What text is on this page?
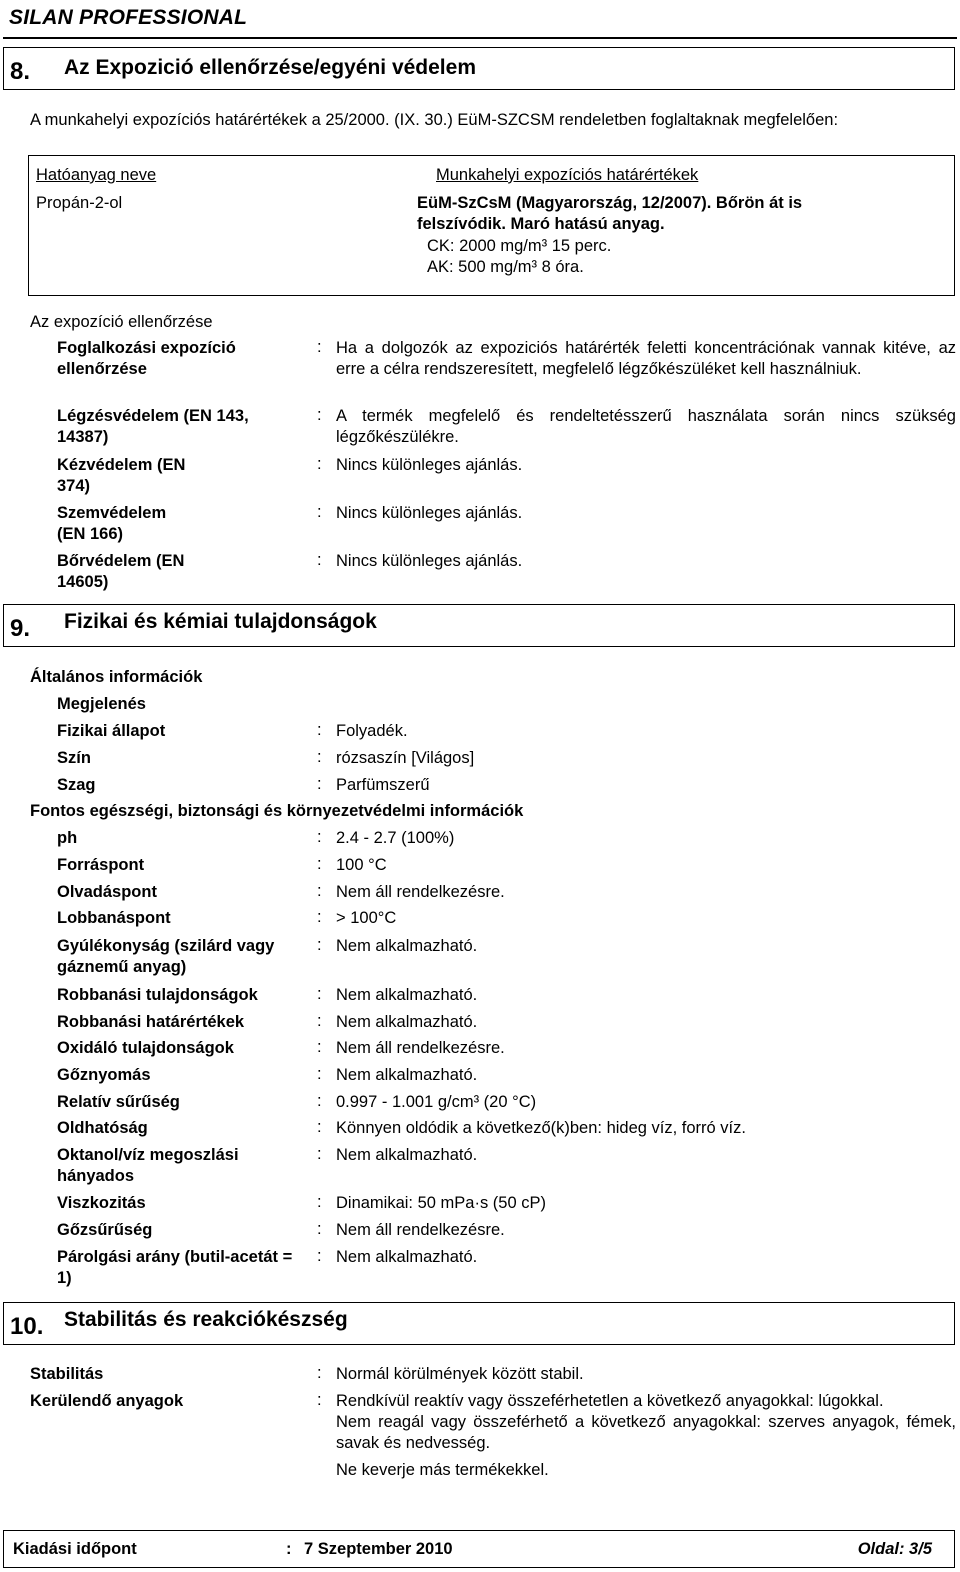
SILAN PROFESSIONAL
8. Az Expozició ellenőrzése/egyéni védelem
A munkahelyi expozíciós határértékek a 25/2000. (IX. 30.) EüM-SZCSM rendeletben foglaltaknak megfelelően:
Hatóanyag neve	Munkahelyi expozíciós határértékek
Propán-2-ol	EüM-SzCsM (Magyarország, 12/2007). Bőrön át is
felszívódik. Maró hatású anyag.
CK: 2000 mg/m³ 15 perc.
AK: 500 mg/m³ 8 óra.
Az expozíció ellenőrzése
Foglalkozási expozíció ellenőrzése
: Ha a dolgozók az expoziciós határérték feletti koncentrációnak vannak kitéve, az erre a célra rendszeresített, megfelelő légzőkészüléket kell használniuk.
Légzésvédelem (EN 143, 14387)
: A termék megfelelő és rendeltetésszerű használata során nincs szükség légzőkészülékre.
Kézvédelem (EN 374)
: Nincs különleges ajánlás.
Szemvédelem (EN 166)
: Nincs különleges ajánlás.
Bőrvédelem (EN 14605)
: Nincs különleges ajánlás.
9. Fizikai és kémiai tulajdonságok
Általános információk
Megjelenés
Fizikai állapot	: Folyadék.
Szín	: rózsaszín [Világos]
Szag	: Parfümszerű
Fontos egészségi, biztonsági és környezetvédelmi információk
ph	: 2.4 - 2.7 (100%)
Forráspont	: 100 °C
Olvadáspont	: Nem áll rendelkezésre.
Lobbanáspont	: > 100°C
Gyúlékonyság (szilárd vagy gáznemű anyag)
: Nem alkalmazható.
Robbanási tulajdonságok	: Nem alkalmazható.
Robbanási határértékek	: Nem alkalmazható.
Oxidáló tulajdonságok	: Nem áll rendelkezésre.
Gőznyomás	: Nem alkalmazható.
Relatív sűrűség	: 0.997 - 1.001 g/cm³ (20 °C)
Oldhatóság	: Könnyen oldódik a következő(k)ben: hideg víz, forró víz.
Oktanol/víz megoszlási hányados
: Nem alkalmazható.
Viszkozitás	: Dinamikai: 50 mPa·s (50 cP)
Gőzsűrűség	: Nem áll rendelkezésre.
Párolgási arány (butil-acetát = 1)
: Nem alkalmazható.
10. Stabilitás és reakciókészség
Stabilitás	: Normál körülmények között stabil.
Kerülendő anyagok	: Rendkívül reaktív vagy összeférhetetlen a következő anyagokkal: lúgokkal.
Nem reagál vagy összeférhető a következő anyagokkal: szerves anyagok, fémek, savak és nedvesség.
Ne keverje más termékekkel.
Kiadási időpont	: 7 Szeptember 2010	Oldal: 3/5
